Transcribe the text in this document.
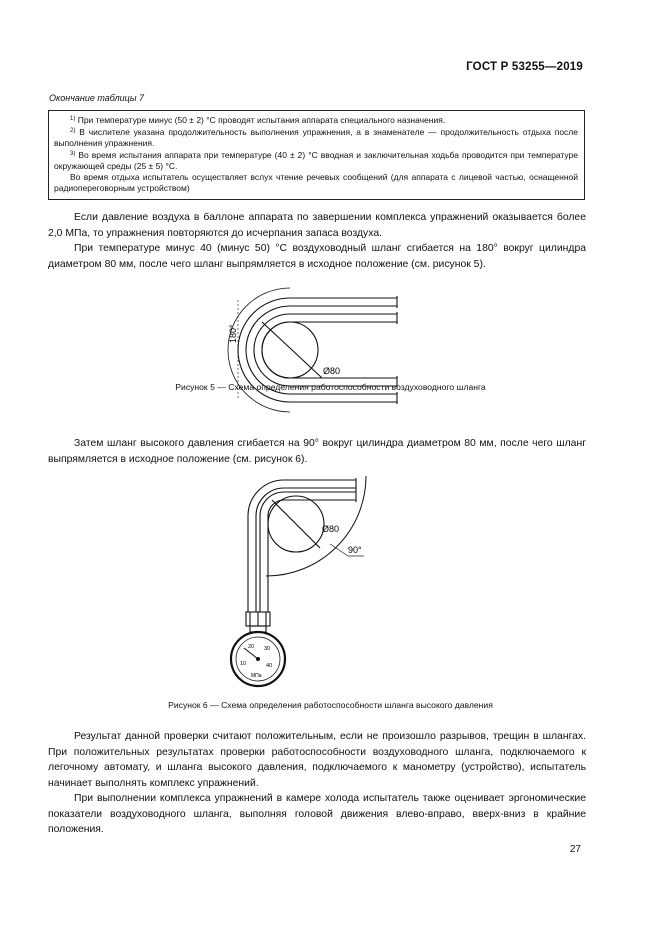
ГОСТ Р 53255—2019
Окончание таблицы 7

$^{1)}$ При температуре минус (50 ± 2) °С проводят испытания аппарата специального назначения.

$^{2)}$ В числителе указана продолжительность выполнения упражнения, а в знаменателе — продолжительность отдыха после выполнения упражнения.

$^{3)}$ Во время испытания аппарата при температуре (40 ± 2) °С вводная и заключительная ходьба проводится при температуре окружающей среды (25 ± 5) °С.

Во время отдыха испытатель осуществляет вслух чтение речевых сообщений (для аппарата с лицевой частью, оснащенной радиопереговорным устройством)

Если давление воздуха в баллоне аппарата по завершении комплекса упражнений оказывается более 2,0 МПа, то упражнения повторяются до исчерпания запаса воздуха.

При температуре минус 40 (минус 50) °С воздуховодный шланг сгибается на 180° вокруг цилиндра диаметром 80 мм, после чего шланг выпрямляется в исходное положение (см. рисунок 5).

Ø80
180°
Рисунок 5 — Схема определения работоспособности воздуховодного шланга

Затем шланг высокого давления сгибается на 90° вокруг цилиндра диаметром 80 мм, после чего шланг выпрямляется в исходное положение (см. рисунок 6).

Ø80
90°
10
20 30
40
МПа
Рисунок 6 — Схема определения работоспособности шланга высокого давления

Результат данной проверки считают положительным, если не произошло разрывов, трещин в шлангах. При положительных результатах проверки работоспособности воздуховодного шланга, подключаемого к легочному автомату, и шланга высокого давления, подключаемого к манометру (устройство), испытатель начинает выполнять комплекс упражнений.

При выполнении комплекса упражнений в камере холода испытатель также оценивает эргономические показатели воздуховодного шланга, выполняя головой движения влево-вправо, вверх-вниз в крайние положения.

27
